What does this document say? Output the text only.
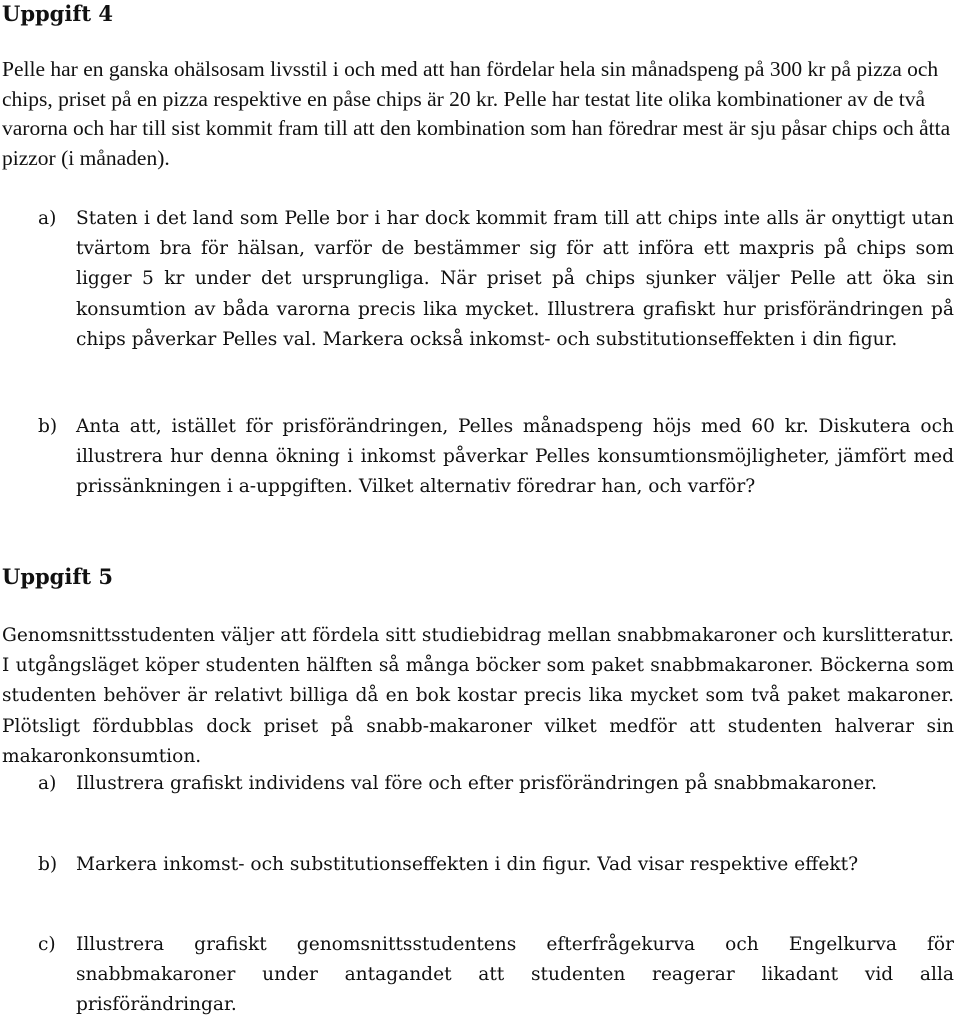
Uppgift 4

Pelle har en ganska ohälsosam livsstil i och med att han fördelar hela sin månadspeng på 300 kr på pizza och chips, priset på en pizza respektive en påse chips är 20 kr. Pelle har testat lite olika kombinationer av de två varorna och har till sist kommit fram till att den kombination som han föredrar mest är sju påsar chips och åtta pizzor (i månaden).

a)	Staten i det land som Pelle bor i har dock kommit fram till att chips inte alls är onyttigt utan tvärtom bra för hälsan, varför de bestämmer sig för att införa ett maxpris på chips som ligger 5 kr under det ursprungliga. När priset på chips sjunker väljer Pelle att öka sin konsumtion av båda varorna precis lika mycket. Illustrera grafiskt hur prisförändringen på chips påverkar Pelles val. Markera också inkomst- och substitutionseffekten i din figur.

b)	Anta att, istället för prisförändringen, Pelles månadspeng höjs med 60 kr. Diskutera och illustrera hur denna ökning i inkomst påverkar Pelles konsumtionsmöjligheter, jämfört med prissänkningen i a-uppgiften. Vilket alternativ föredrar han, och varför?

Uppgift 5

Genomsnittsstudenten väljer att fördela sitt studiebidrag mellan snabbmakaroner och kurslitteratur. I utgångsläget köper studenten hälften så många böcker som paket snabbmakaroner. Böckerna som studenten behöver är relativt billiga då en bok kostar precis lika mycket som två paket makaroner. Plötsligt fördubblas dock priset på snabb-makaroner vilket medför att studenten halverar sin makaronkonsumtion.

a)	Illustrera grafiskt individens val före och efter prisförändringen på snabbmakaroner.

b)	Markera inkomst- och substitutionseffekten i din figur. Vad visar respektive effekt?

c)	Illustrera grafiskt genomsnittsstudentens efterfrågekurva och Engelkurva för snabbmakaroner under antagandet att studenten reagerar likadant vid alla prisförändringar.
